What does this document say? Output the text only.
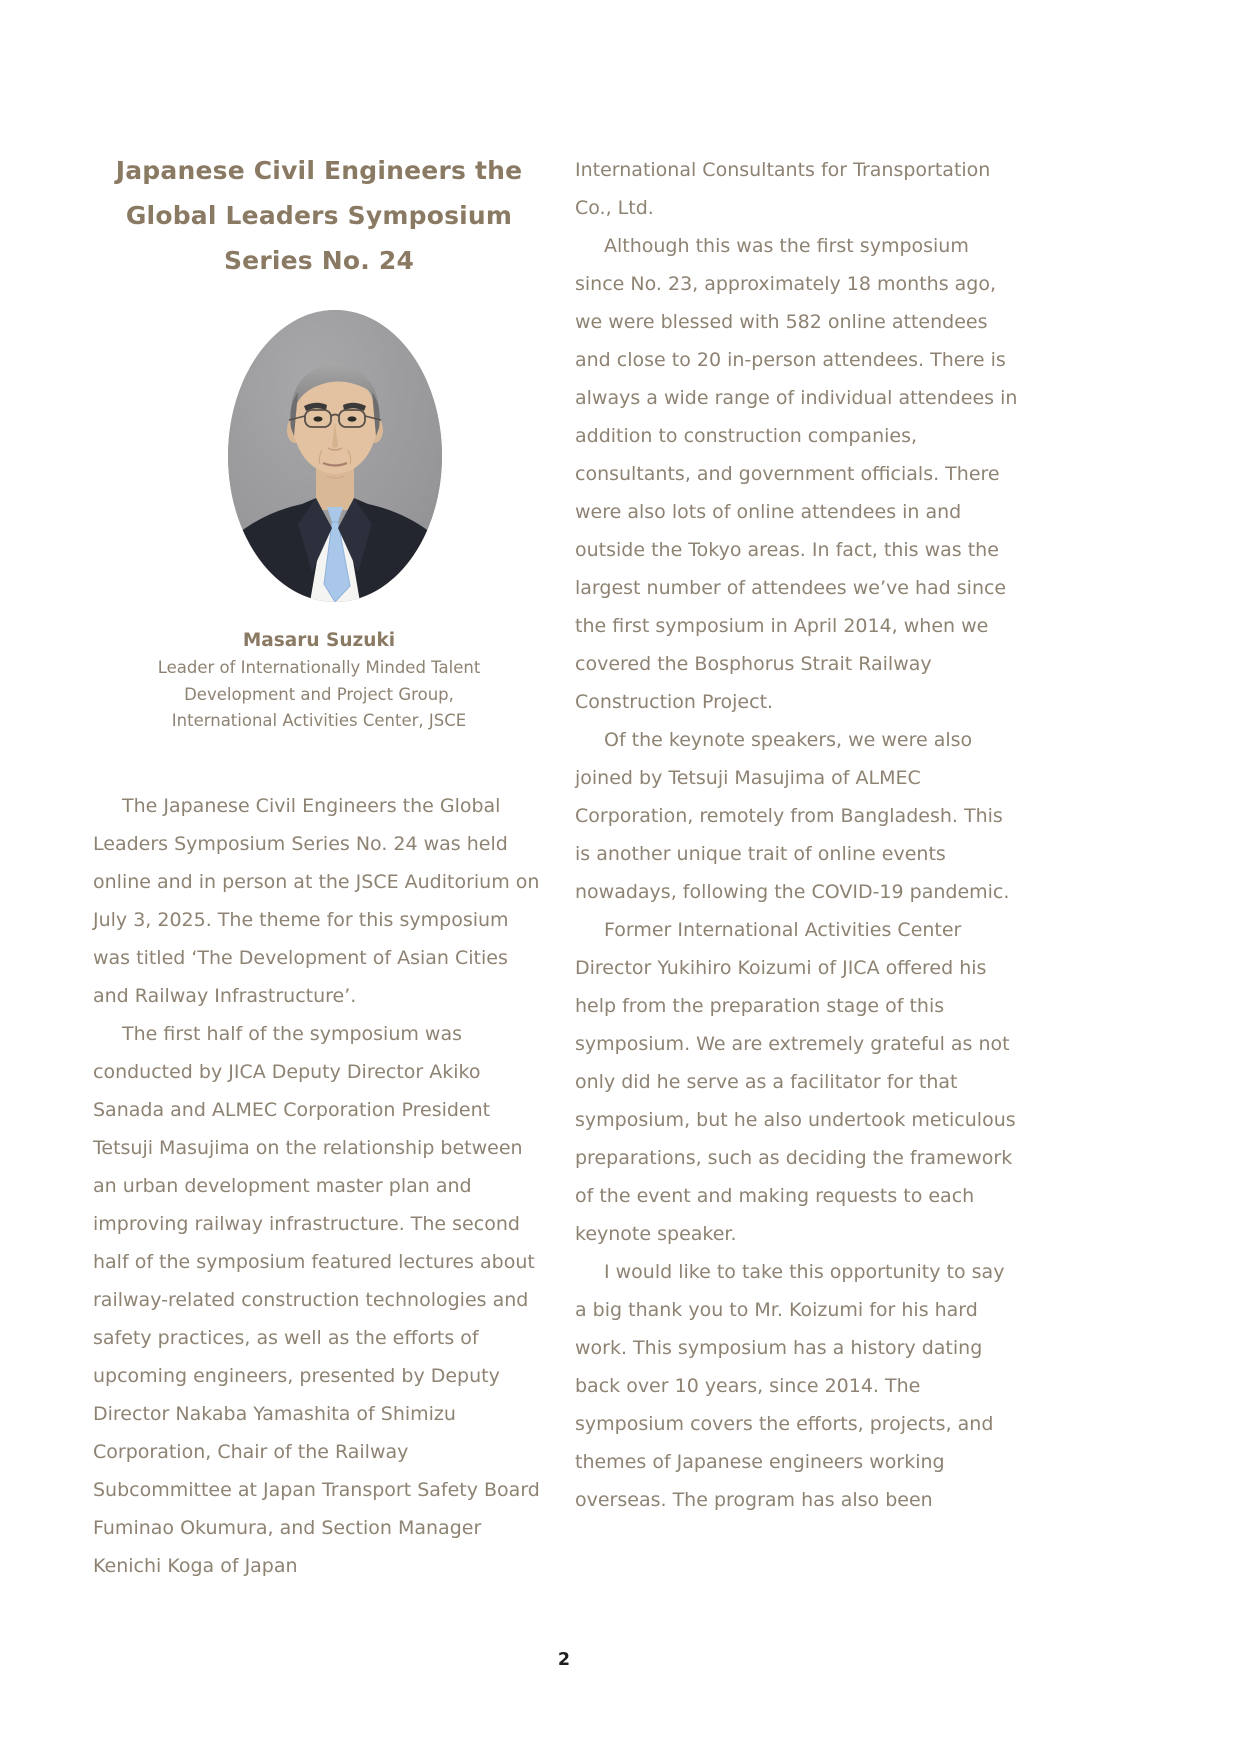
Japanese Civil Engineers the
Global Leaders Symposium
Series No. 24
Masaru Suzuki
Leader of Internationally Minded Talent
Development and Project Group,
International Activities Center, JSCE

The Japanese Civil Engineers the Global Leaders Symposium Series No. 24 was held online and in person at the JSCE Auditorium on July 3, 2025. The theme for this symposium was titled ‘The Development of Asian Cities and Railway Infrastructure’.

The first half of the symposium was conducted by JICA Deputy Director Akiko Sanada and ALMEC Corporation President Tetsuji Masujima on the relationship between an urban development master plan and improving railway infrastructure. The second half of the symposium featured lectures about railway-related construction technologies and safety practices, as well as the efforts of upcoming engineers, presented by Deputy Director Nakaba Yamashita of Shimizu Corporation, Chair of the Railway Subcommittee at Japan Transport Safety Board Fuminao Okumura, and Section Manager Kenichi Koga of Japan

International Consultants for Transportation Co., Ltd.

Although this was the first symposium since No. 23, approximately 18 months ago, we were blessed with 582 online attendees and close to 20 in-person attendees. There is always a wide range of individual attendees in addition to construction companies, consultants, and government officials. There were also lots of online attendees in and outside the Tokyo areas. In fact, this was the largest number of attendees we’ve had since the first symposium in April 2014, when we covered the Bosphorus Strait Railway Construction Project.

Of the keynote speakers, we were also joined by Tetsuji Masujima of ALMEC Corporation, remotely from Bangladesh. This is another unique trait of online events nowadays, following the COVID-19 pandemic.

Former International Activities Center Director Yukihiro Koizumi of JICA offered his help from the preparation stage of this symposium. We are extremely grateful as not only did he serve as a facilitator for that symposium, but he also undertook meticulous preparations, such as deciding the framework of the event and making requests to each keynote speaker.

I would like to take this opportunity to say a big thank you to Mr. Koizumi for his hard work. This symposium has a history dating back over 10 years, since 2014. The symposium covers the efforts, projects, and themes of Japanese engineers working overseas. The program has also been

2
